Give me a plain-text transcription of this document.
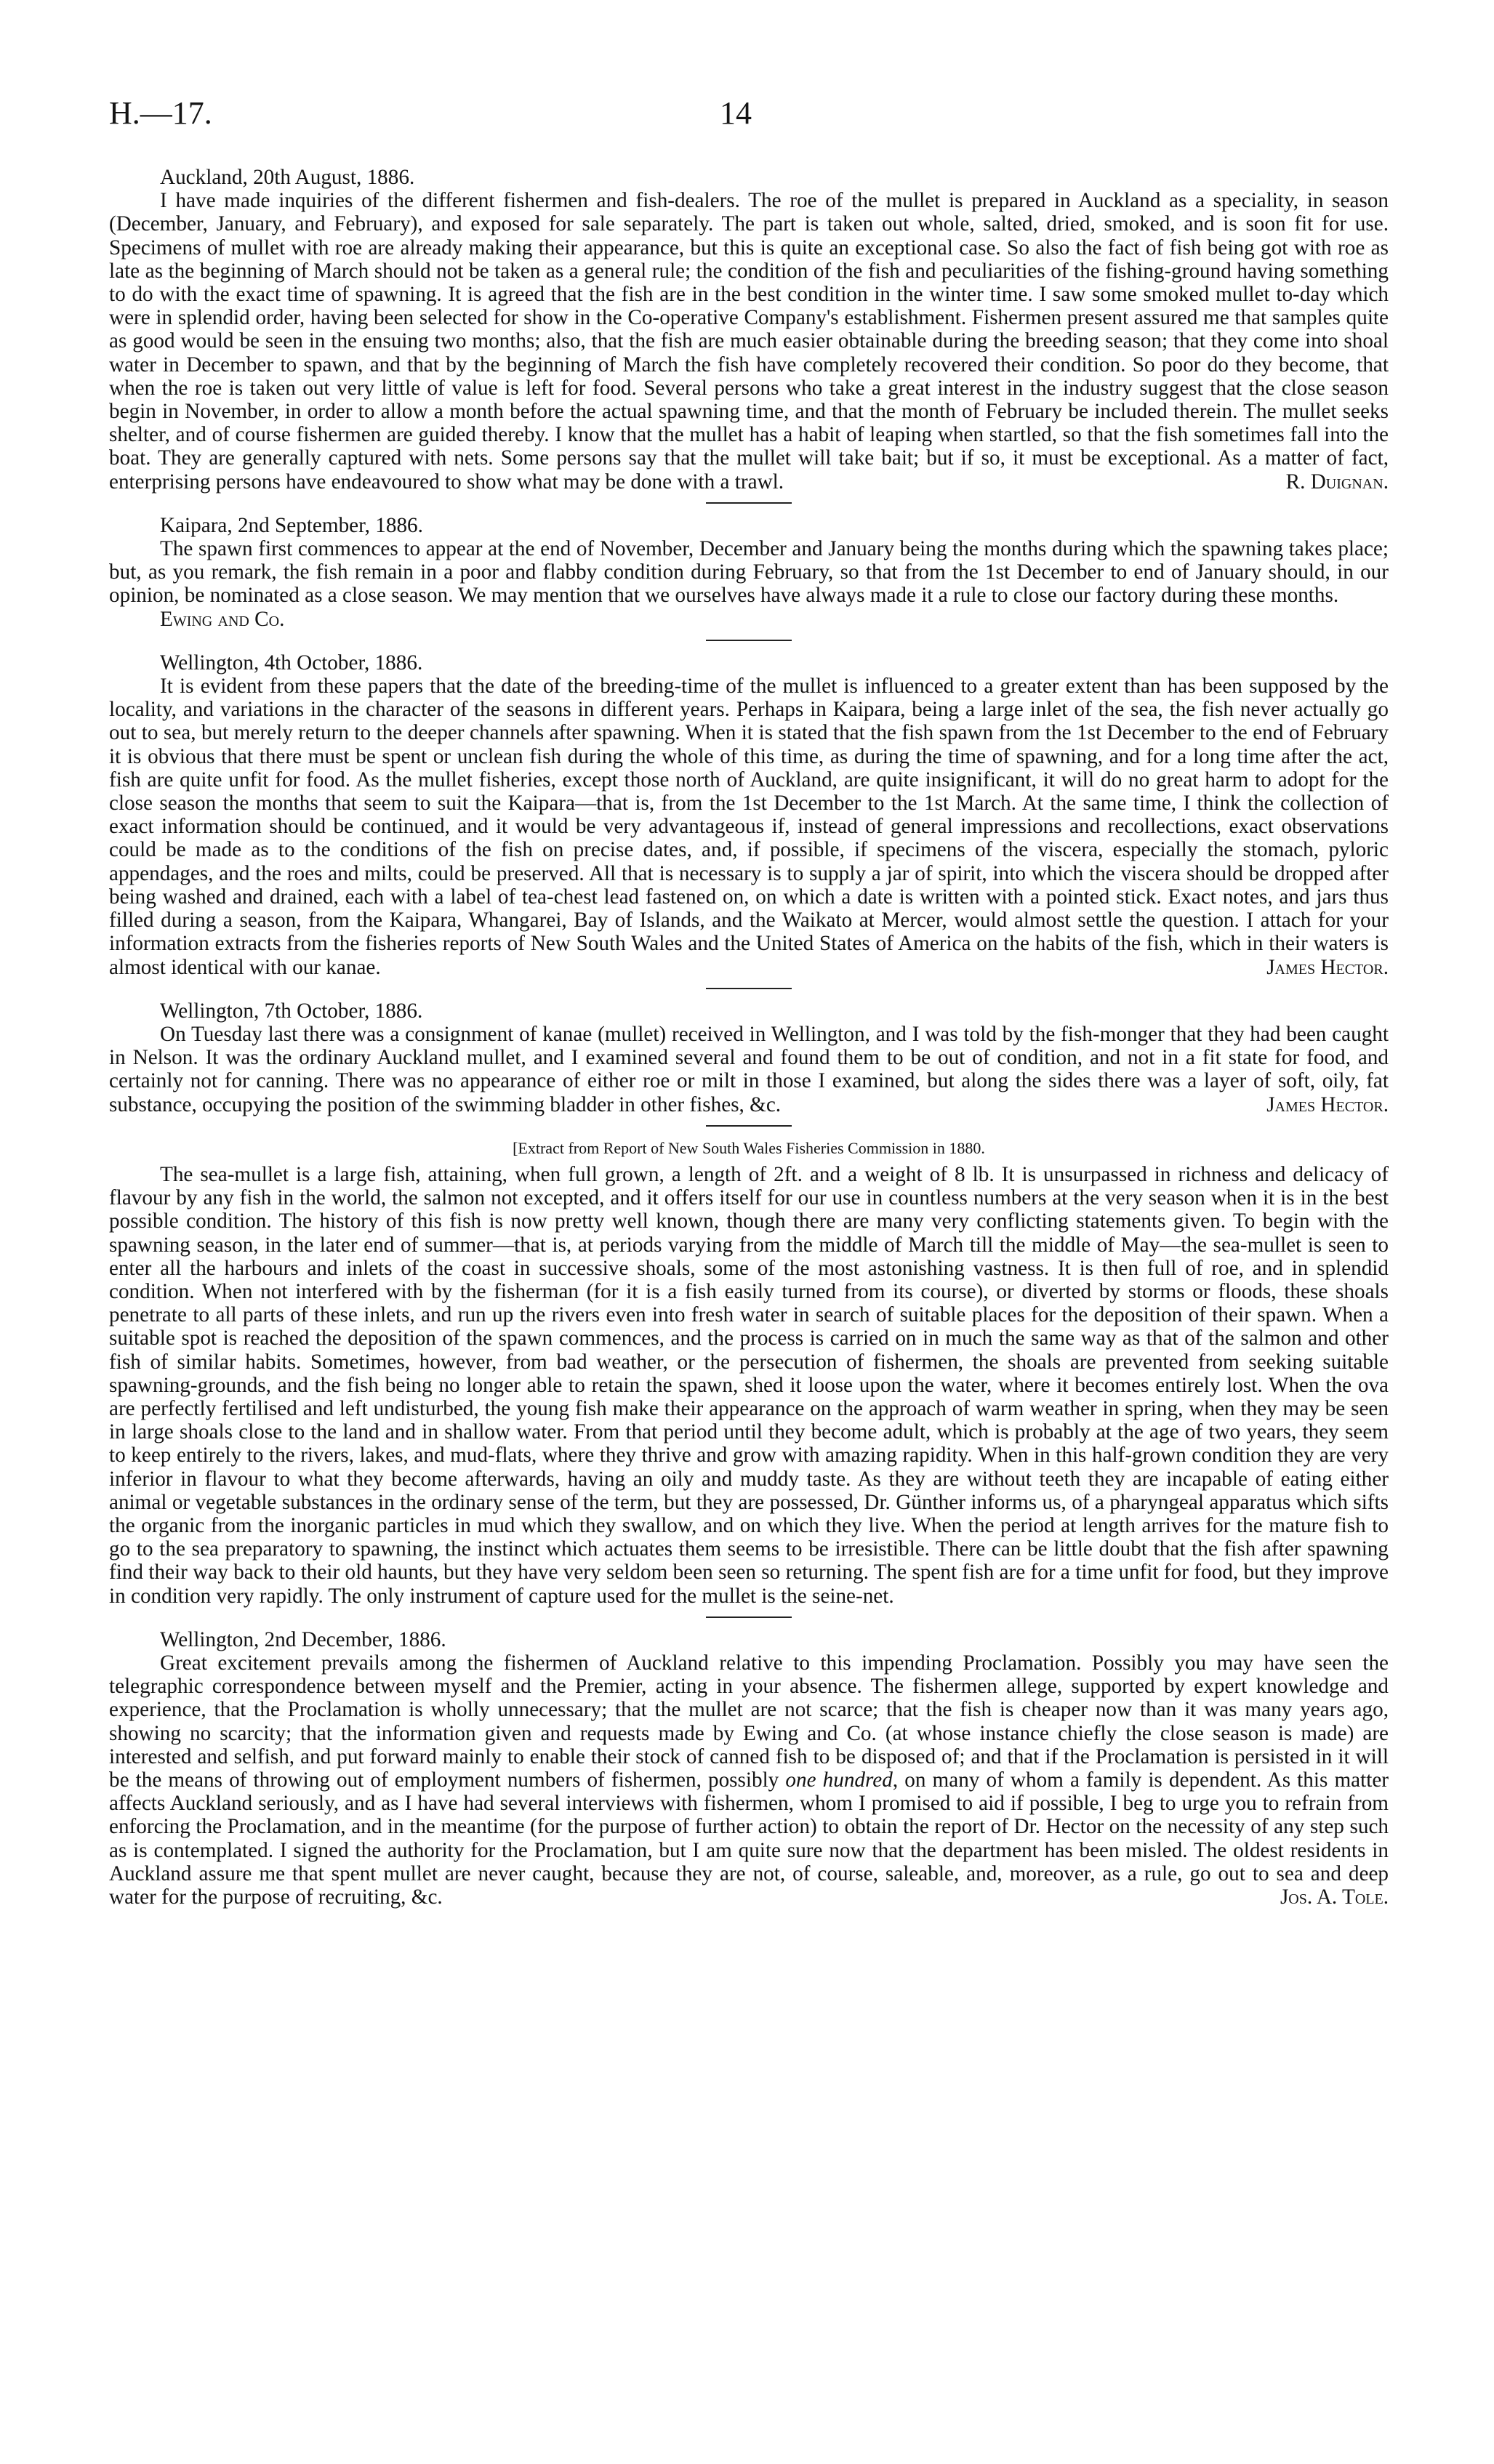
H.—17.	14

Auckland, 20th August, 1886.

I have made inquiries of the different fishermen and fish-dealers. The roe of the mullet is prepared in Auckland as a speciality, in season (December, January, and February), and exposed for sale separately. The part is taken out whole, salted, dried, smoked, and is soon fit for use. Specimens of mullet with roe are already making their appearance, but this is quite an exceptional case. So also the fact of fish being got with roe as late as the beginning of March should not be taken as a general rule; the condition of the fish and peculiarities of the fishing-ground having something to do with the exact time of spawning. It is agreed that the fish are in the best condition in the winter time. I saw some smoked mullet to-day which were in splendid order, having been selected for show in the Co-operative Company's establishment. Fishermen present assured me that samples quite as good would be seen in the ensuing two months; also, that the fish are much easier obtainable during the breeding season; that they come into shoal water in December to spawn, and that by the beginning of March the fish have completely recovered their condition. So poor do they become, that when the roe is taken out very little of value is left for food. Several persons who take a great interest in the industry suggest that the close season begin in November, in order to allow a month before the actual spawning time, and that the month of February be included therein. The mullet seeks shelter, and of course fishermen are guided thereby. I know that the mullet has a habit of leaping when startled, so that the fish sometimes fall into the boat. They are generally captured with nets. Some persons say that the mullet will take bait; but if so, it must be exceptional. As a matter of fact, enterprising persons have endeavoured to show what may be done with a trawl.	R. Duignan.

Kaipara, 2nd September, 1886.

The spawn first commences to appear at the end of November, December and January being the months during which the spawning takes place; but, as you remark, the fish remain in a poor and flabby condition during February, so that from the 1st December to end of January should, in our opinion, be nominated as a close season. We may mention that we ourselves have always made it a rule to close our factory during these months.

Ewing and Co.

Wellington, 4th October, 1886.

It is evident from these papers that the date of the breeding-time of the mullet is influenced to a greater extent than has been supposed by the locality, and variations in the character of the seasons in different years. Perhaps in Kaipara, being a large inlet of the sea, the fish never actually go out to sea, but merely return to the deeper channels after spawning. When it is stated that the fish spawn from the 1st December to the end of February it is obvious that there must be spent or unclean fish during the whole of this time, as during the time of spawning, and for a long time after the act, fish are quite unfit for food. As the mullet fisheries, except those north of Auckland, are quite insignificant, it will do no great harm to adopt for the close season the months that seem to suit the Kaipara—that is, from the 1st December to the 1st March. At the same time, I think the collection of exact information should be continued, and it would be very advantageous if, instead of general impressions and recollections, exact observations could be made as to the conditions of the fish on precise dates, and, if possible, if specimens of the viscera, especially the stomach, pyloric appendages, and the roes and milts, could be preserved. All that is necessary is to supply a jar of spirit, into which the viscera should be dropped after being washed and drained, each with a label of tea-chest lead fastened on, on which a date is written with a pointed stick. Exact notes, and jars thus filled during a season, from the Kaipara, Whangarei, Bay of Islands, and the Waikato at Mercer, would almost settle the question. I attach for your information extracts from the fisheries reports of New South Wales and the United States of America on the habits of the fish, which in their waters is almost identical with our kanae.	James Hector.

Wellington, 7th October, 1886.

On Tuesday last there was a consignment of kanae (mullet) received in Wellington, and I was told by the fish-monger that they had been caught in Nelson. It was the ordinary Auckland mullet, and I examined several and found them to be out of condition, and not in a fit state for food, and certainly not for canning. There was no appearance of either roe or milt in those I examined, but along the sides there was a layer of soft, oily, fat substance, occupying the position of the swimming bladder in other fishes, &c.	James Hector.

[Extract from Report of New South Wales Fisheries Commission in 1880.

The sea-mullet is a large fish, attaining, when full grown, a length of 2ft. and a weight of 8 lb. It is unsurpassed in richness and delicacy of flavour by any fish in the world, the salmon not excepted, and it offers itself for our use in countless numbers at the very season when it is in the best possible condition. The history of this fish is now pretty well known, though there are many very conflicting statements given. To begin with the spawning season, in the later end of summer—that is, at periods varying from the middle of March till the middle of May—the sea-mullet is seen to enter all the harbours and inlets of the coast in successive shoals, some of the most astonishing vastness. It is then full of roe, and in splendid condition. When not interfered with by the fisherman (for it is a fish easily turned from its course), or diverted by storms or floods, these shoals penetrate to all parts of these inlets, and run up the rivers even into fresh water in search of suitable places for the deposition of their spawn. When a suitable spot is reached the deposition of the spawn commences, and the process is carried on in much the same way as that of the salmon and other fish of similar habits. Sometimes, however, from bad weather, or the persecution of fishermen, the shoals are prevented from seeking suitable spawning-grounds, and the fish being no longer able to retain the spawn, shed it loose upon the water, where it becomes entirely lost. When the ova are perfectly fertilised and left undisturbed, the young fish make their appearance on the approach of warm weather in spring, when they may be seen in large shoals close to the land and in shallow water. From that period until they become adult, which is probably at the age of two years, they seem to keep entirely to the rivers, lakes, and mud-flats, where they thrive and grow with amazing rapidity. When in this half-grown condition they are very inferior in flavour to what they become afterwards, having an oily and muddy taste. As they are without teeth they are incapable of eating either animal or vegetable substances in the ordinary sense of the term, but they are possessed, Dr. Günther informs us, of a pharyngeal apparatus which sifts the organic from the inorganic particles in mud which they swallow, and on which they live. When the period at length arrives for the mature fish to go to the sea preparatory to spawning, the instinct which actuates them seems to be irresistible. There can be little doubt that the fish after spawning find their way back to their old haunts, but they have very seldom been seen so returning. The spent fish are for a time unfit for food, but they improve in condition very rapidly. The only instrument of capture used for the mullet is the seine-net.

Wellington, 2nd December, 1886.

Great excitement prevails among the fishermen of Auckland relative to this impending Proclamation. Possibly you may have seen the telegraphic correspondence between myself and the Premier, acting in your absence. The fishermen allege, supported by expert knowledge and experience, that the Proclamation is wholly unnecessary; that the mullet are not scarce; that the fish is cheaper now than it was many years ago, showing no scarcity; that the information given and requests made by Ewing and Co. (at whose instance chiefly the close season is made) are interested and selfish, and put forward mainly to enable their stock of canned fish to be disposed of; and that if the Proclamation is persisted in it will be the means of throwing out of employment numbers of fishermen, possibly one hundred, on many of whom a family is dependent. As this matter affects Auckland seriously, and as I have had several interviews with fishermen, whom I promised to aid if possible, I beg to urge you to refrain from enforcing the Proclamation, and in the meantime (for the purpose of further action) to obtain the report of Dr. Hector on the necessity of any step such as is contemplated. I signed the authority for the Proclamation, but I am quite sure now that the department has been misled. The oldest residents in Auckland assure me that spent mullet are never caught, because they are not, of course, saleable, and, moreover, as a rule, go out to sea and deep water for the purpose of recruiting, &c.	Jos. A. Tole.
